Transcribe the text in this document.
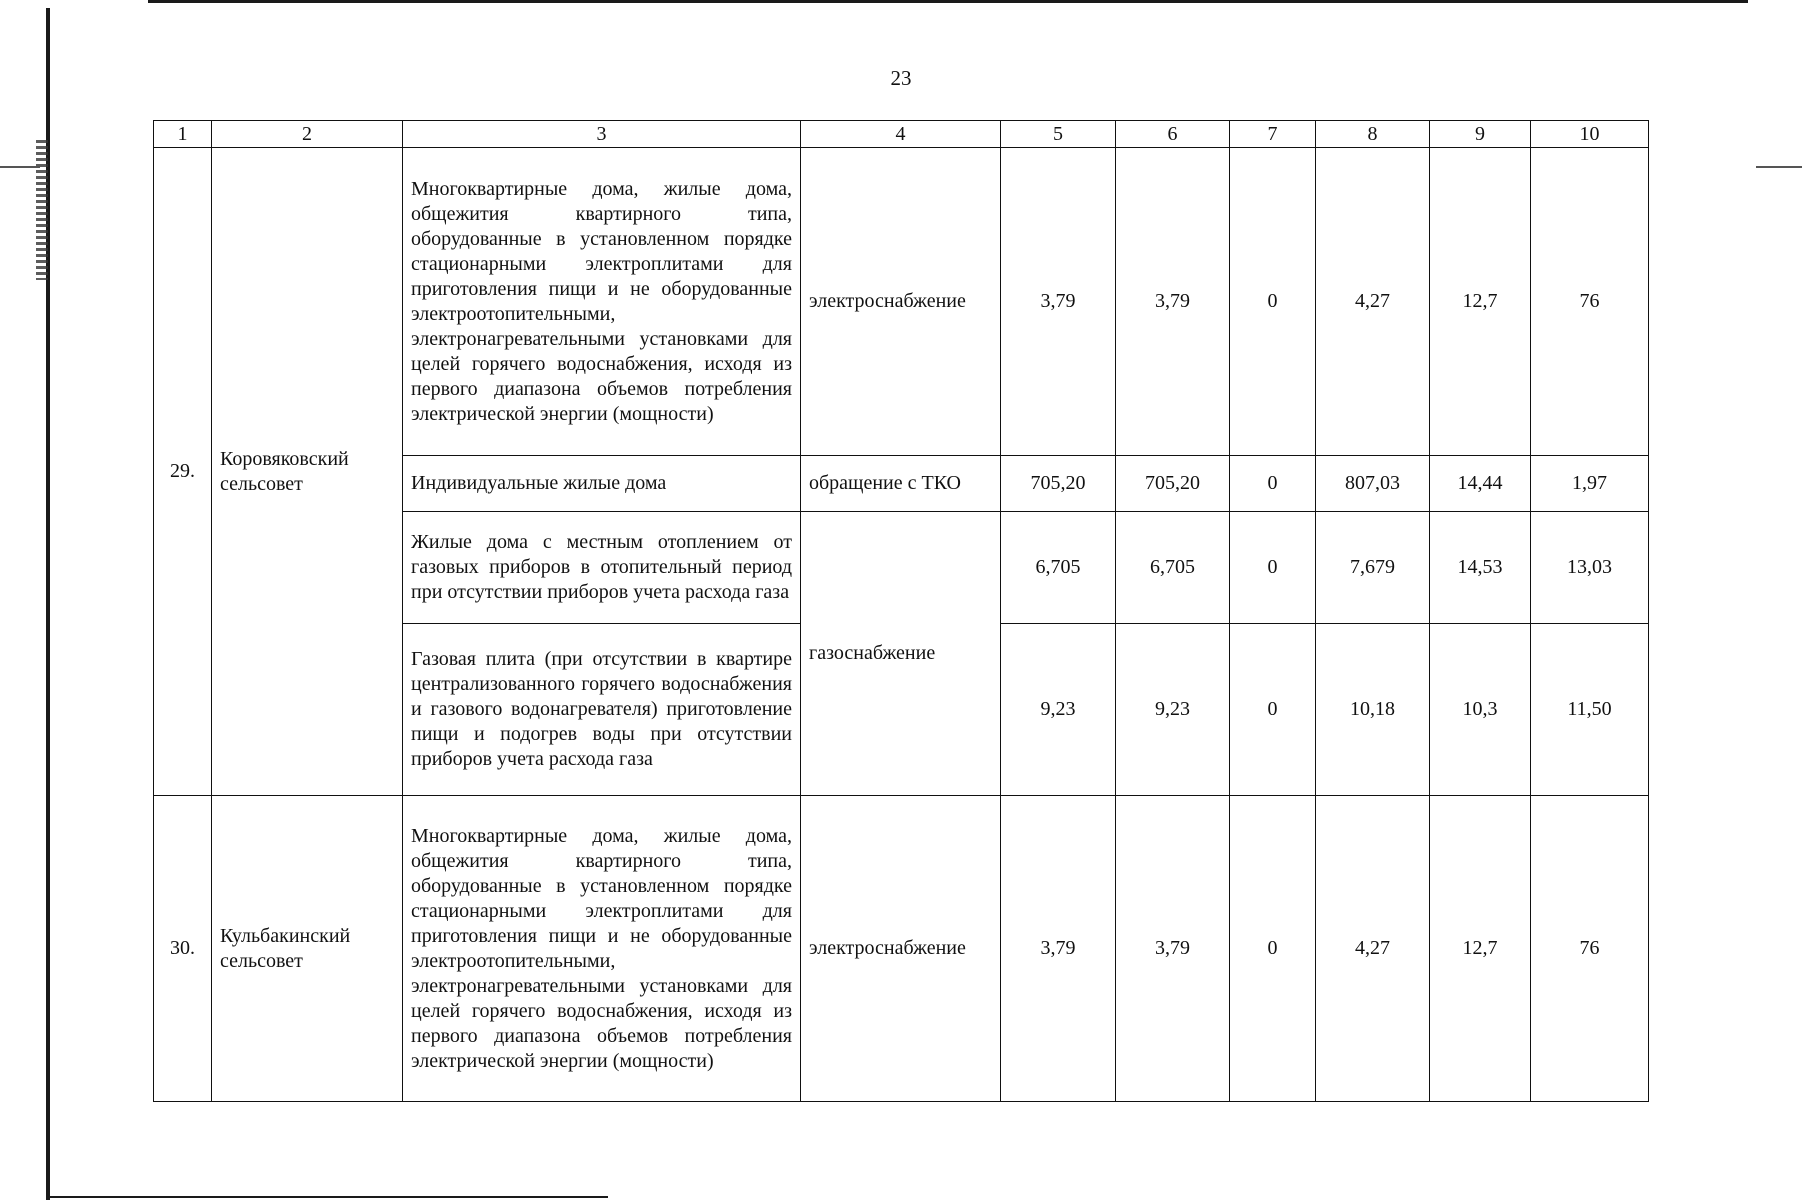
23
1	2	3	4	5	6	7	8	9	10
29.	Коровяковский сельсовет	Многоквартирные дома, жилые дома, общежития квартирного типа, оборудованные в установленном порядке стационарными электроплитами для приготовления пищи и не оборудованные электроотопительными, электронагревательными установками для целей горячего водоснабжения, исходя из первого диапазона объемов потребления электрической энергии (мощности)	электроснабжение	3,79	3,79	0	4,27	12,7	76
		Индивидуальные жилые дома	обращение с ТКО	705,20	705,20	0	807,03	14,44	1,97
		Жилые дома с местным отоплением от газовых приборов в отопительный период при отсутствии приборов учета расхода газа	газоснабжение	6,705	6,705	0	7,679	14,53	13,03
		Газовая плита (при отсутствии в квартире централизованного горячего водоснабжения и газового водонагревателя) приготовление пищи и подогрев воды при отсутствии приборов учета расхода газа		9,23	9,23	0	10,18	10,3	11,50
30.	Кульбакинский сельсовет	Многоквартирные дома, жилые дома, общежития квартирного типа, оборудованные в установленном порядке стационарными электроплитами для приготовления пищи и не оборудованные электроотопительными, электронагревательными установками для целей горячего водоснабжения, исходя из первого диапазона объемов потребления электрической энергии (мощности)	электроснабжение	3,79	3,79	0	4,27	12,7	76
